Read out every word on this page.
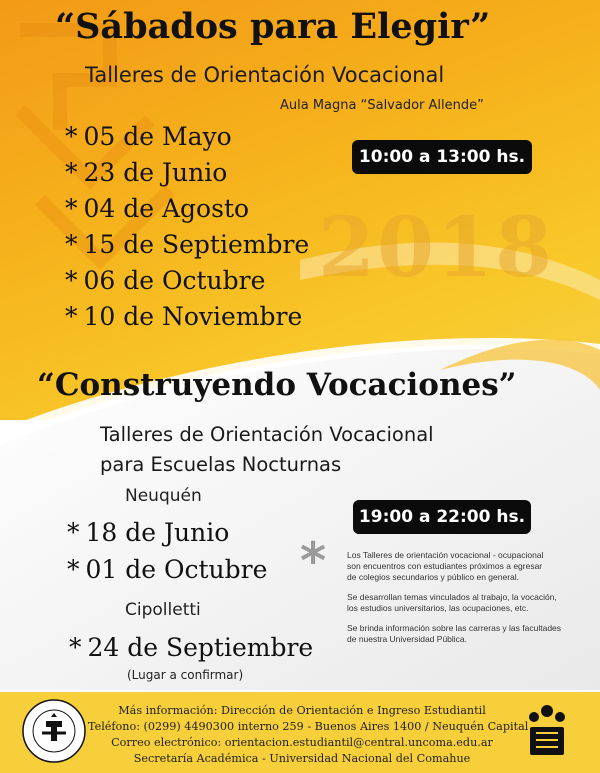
“Sábados para Elegir”
Talleres de Orientación Vocacional
Aula Magna “Salvador Allende”
10:00 a 13:00 hs.
2018
* 05 de Mayo
* 23 de Junio
* 04 de Agosto
* 15 de Septiembre
* 06 de Octubre
* 10 de Noviembre
“Construyendo Vocaciones”
Talleres de Orientación Vocacional
para Escuelas Nocturnas
Neuquén
19:00 a 22:00 hs.
* 18 de Junio
* 01 de Octubre
Cipolletti
* 24 de Septiembre
(Lugar a confirmar)
* Los Talleres de orientación vocacional - ocupacional
son encuentros con estudiantes próximos a egresar
de colegios secundarios y público en general.
Se desarrollan temas vinculados al trabajo, la vocación,
los estudios universitarios, las ocupaciones, etc.
Se brinda información sobre las carreras y las facultades
de nuestra Universidad Pública.
Más información: Dirección de Orientación e Ingreso Estudiantil
Teléfono: (0299) 4490300 interno 259 - Buenos Aires 1400 / Neuquén Capital
Correo electrónico: orientacion.estudiantil@central.uncoma.edu.ar
Secretaría Académica - Universidad Nacional del Comahue
